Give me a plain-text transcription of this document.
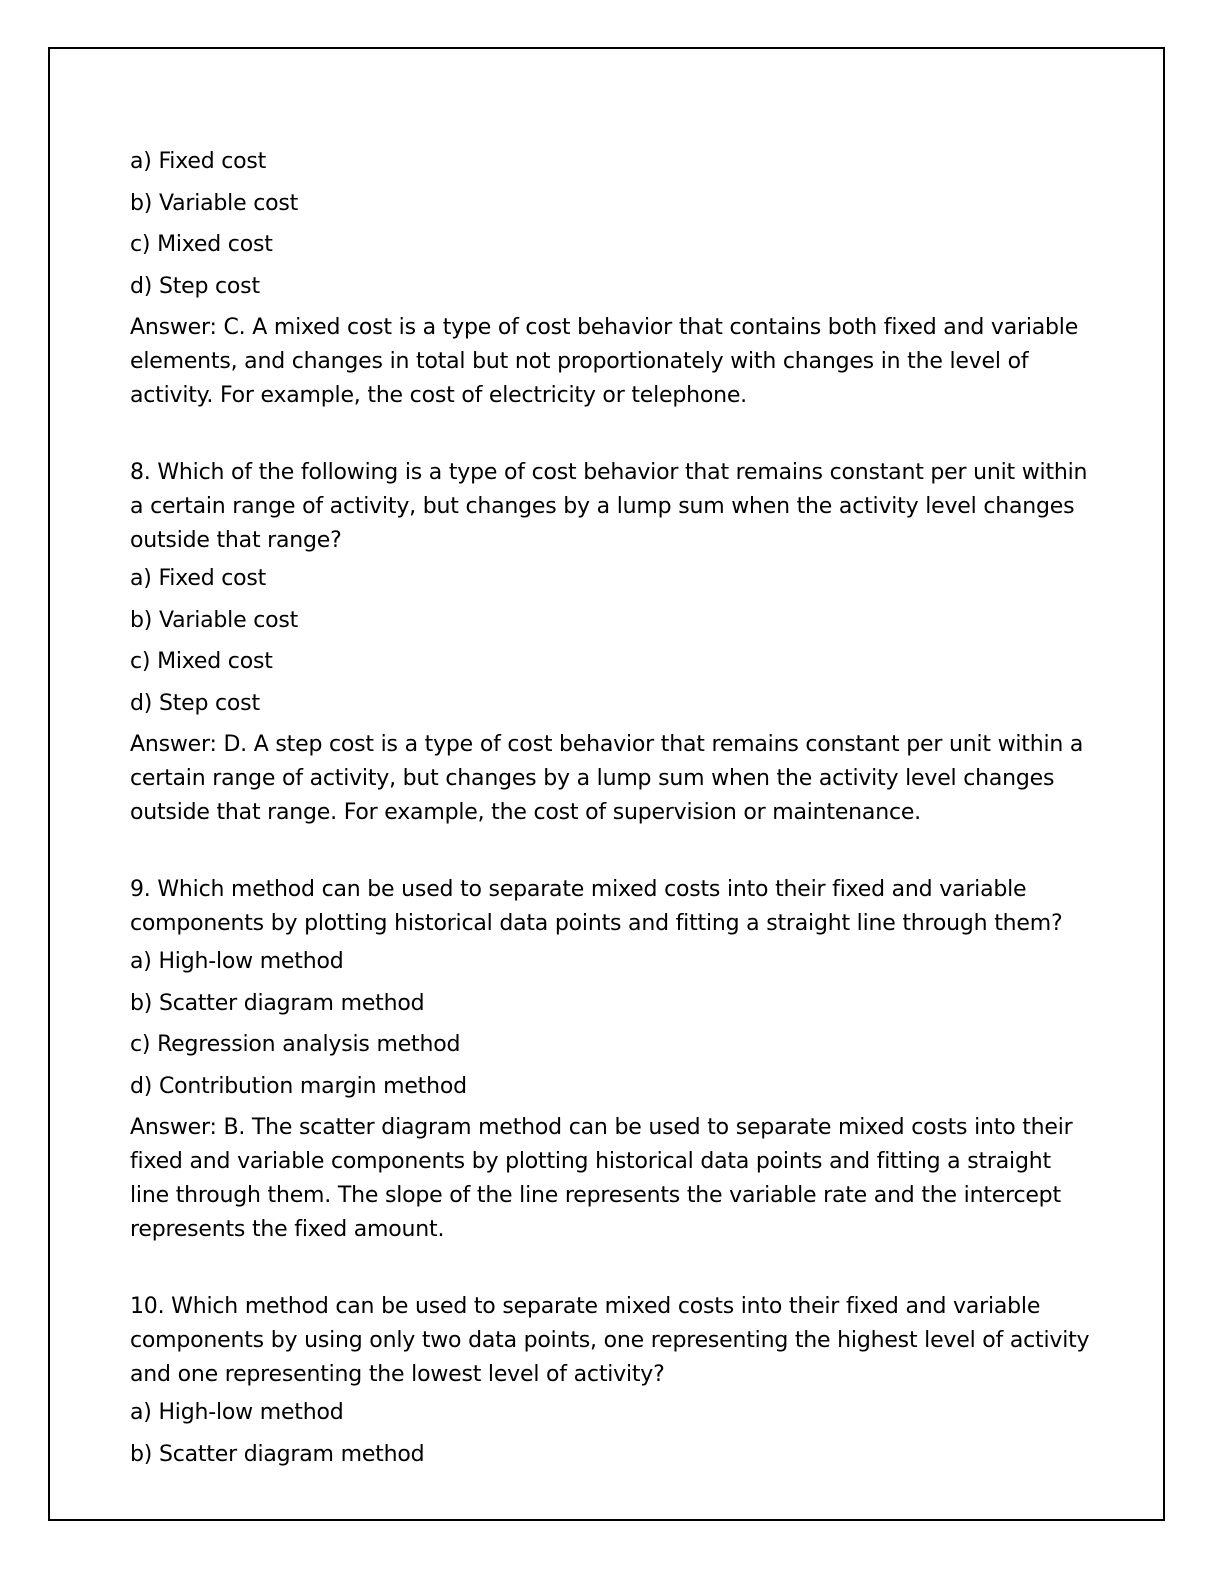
a) Fixed cost
b) Variable cost
c) Mixed cost
d) Step cost
Answer: C. A mixed cost is a type of cost behavior that contains both fixed and variable elements, and changes in total but not proportionately with changes in the level of activity. For example, the cost of electricity or telephone.
8. Which of the following is a type of cost behavior that remains constant per unit within a certain range of activity, but changes by a lump sum when the activity level changes outside that range?
a) Fixed cost
b) Variable cost
c) Mixed cost
d) Step cost
Answer: D. A step cost is a type of cost behavior that remains constant per unit within a certain range of activity, but changes by a lump sum when the activity level changes outside that range. For example, the cost of supervision or maintenance.
9. Which method can be used to separate mixed costs into their fixed and variable components by plotting historical data points and fitting a straight line through them?
a) High-low method
b) Scatter diagram method
c) Regression analysis method
d) Contribution margin method
Answer: B. The scatter diagram method can be used to separate mixed costs into their fixed and variable components by plotting historical data points and fitting a straight line through them. The slope of the line represents the variable rate and the intercept represents the fixed amount.
10. Which method can be used to separate mixed costs into their fixed and variable components by using only two data points, one representing the highest level of activity and one representing the lowest level of activity?
a) High-low method
b) Scatter diagram method
